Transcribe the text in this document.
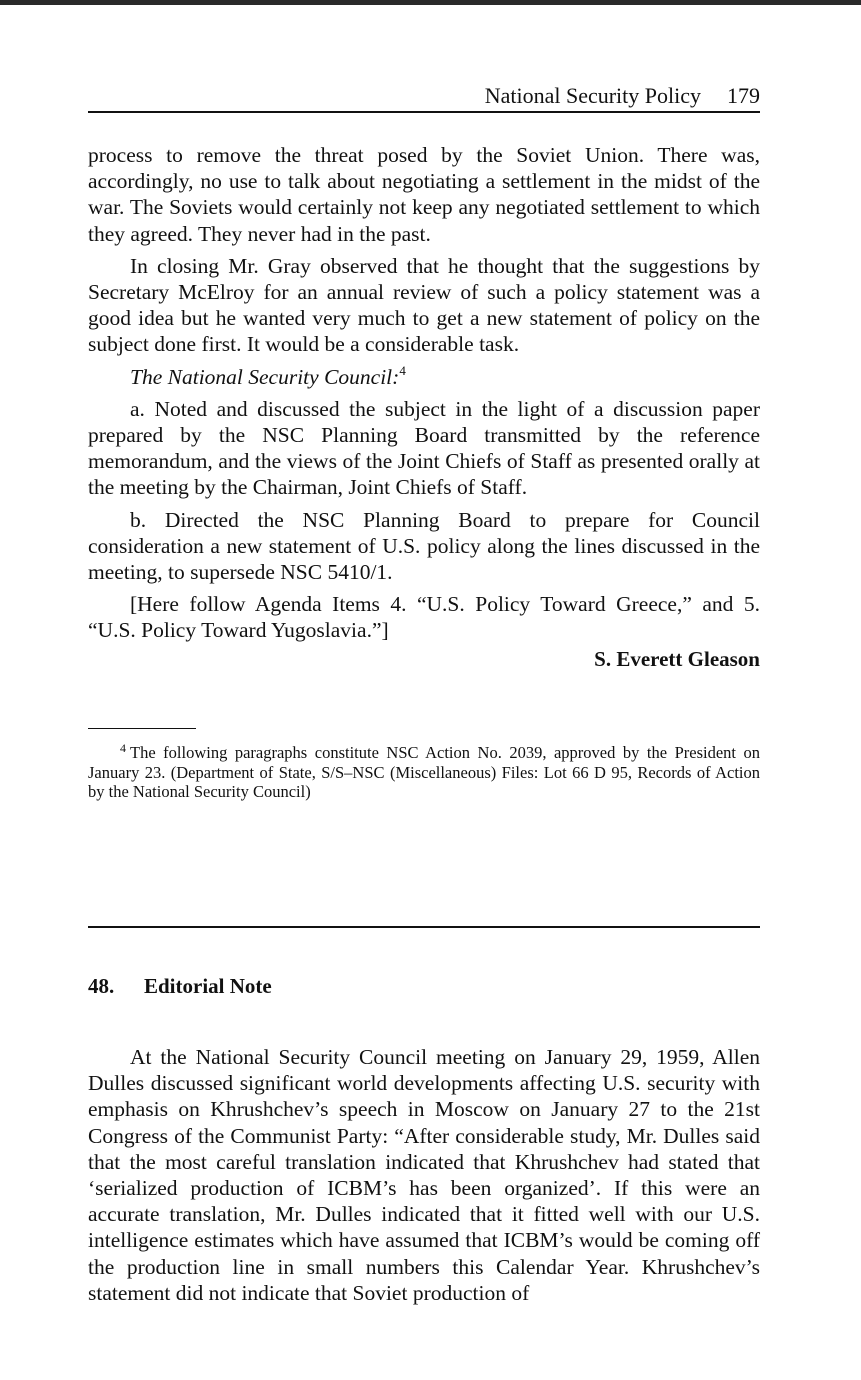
National Security Policy 179

process to remove the threat posed by the Soviet Union. There was, accordingly, no use to talk about negotiating a settlement in the midst of the war. The Soviets would certainly not keep any negotiated settlement to which they agreed. They never had in the past.

In closing Mr. Gray observed that he thought that the suggestions by Secretary McElroy for an annual review of such a policy statement was a good idea but he wanted very much to get a new statement of policy on the subject done first. It would be a considerable task.

The National Security Council:$^4$

a. Noted and discussed the subject in the light of a discussion paper prepared by the NSC Planning Board transmitted by the reference memorandum, and the views of the Joint Chiefs of Staff as presented orally at the meeting by the Chairman, Joint Chiefs of Staff.

b. Directed the NSC Planning Board to prepare for Council consideration a new statement of U.S. policy along the lines discussed in the meeting, to supersede NSC 5410/1.

[Here follow Agenda Items 4. “U.S. Policy Toward Greece,” and 5. “U.S. Policy Toward Yugoslavia.”]

S. Everett Gleason

$^4$ The following paragraphs constitute NSC Action No. 2039, approved by the President on January 23. (Department of State, S/S–NSC (Miscellaneous) Files: Lot 66 D 95, Records of Action by the National Security Council)

48. Editorial Note

At the National Security Council meeting on January 29, 1959, Allen Dulles discussed significant world developments affecting U.S. security with emphasis on Khrushchev’s speech in Moscow on January 27 to the 21st Congress of the Communist Party: “After considerable study, Mr. Dulles said that the most careful translation indicated that Khrushchev had stated that ‘serialized production of ICBM’s has been organized’. If this were an accurate translation, Mr. Dulles indicated that it fitted well with our U.S. intelligence estimates which have assumed that ICBM’s would be coming off the production line in small numbers this Calendar Year. Khrushchev’s statement did not indicate that Soviet production of
